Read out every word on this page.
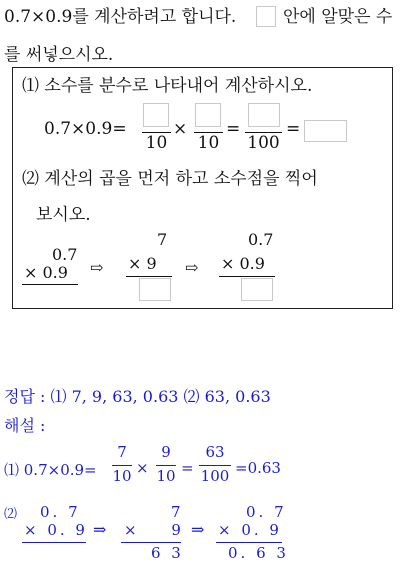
0.7×0.9를 계산하려고 합니다.	안에 알맞은 수
를 써넣으시오.
⑴ 소수를 분수로 나타내어 계산하시오.
0.7×0.9=
10
×
10
=
100
=
⑵ 계산의 곱을 먼저 하고 소수점을 찍어
보시오.
0.7
× 0.9 ⇨
7
× 9 ⇨
0.7
× 0.9
정답 : ⑴ 7, 9, 63, 0.63 ⑵ 63, 0.63
해설 :
⑴ 0.7×0.9=
7
10 ×
9
10 =
63
100 =0.63
⑵ 0. 7
× 0. 9 ⇒
7
× 9
6 3
⇒
0. 7
× 0. 9
0. 6 3
